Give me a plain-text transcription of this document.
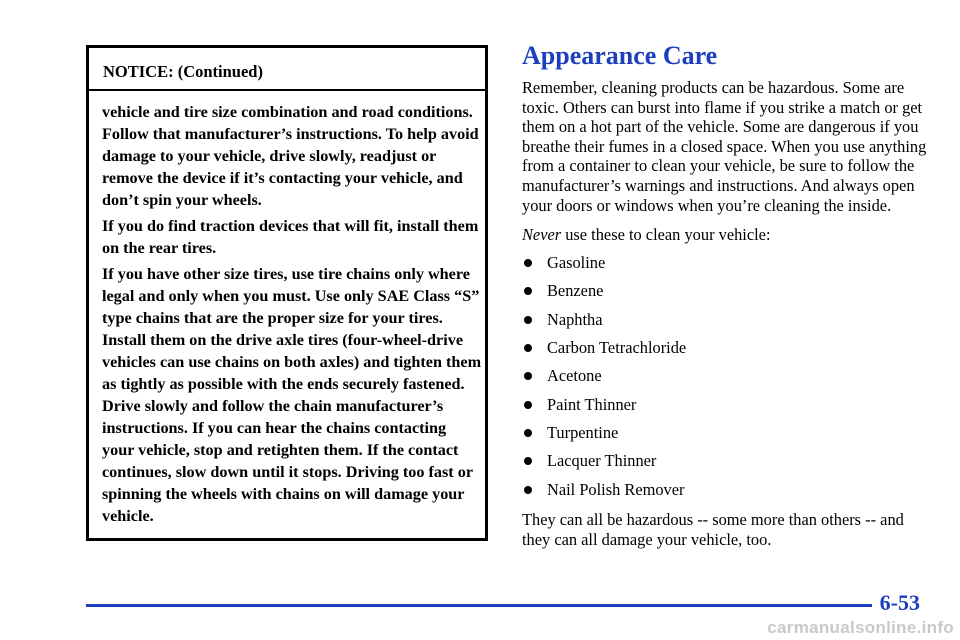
NOTICE: (Continued)

vehicle and tire size combination and road conditions. Follow that manufacturer’s instructions. To help avoid damage to your vehicle, drive slowly, readjust or remove the device if it’s contacting your vehicle, and don’t spin your wheels.

If you do find traction devices that will fit, install them on the rear tires.

If you have other size tires, use tire chains only where legal and only when you must. Use only SAE Class “S” type chains that are the proper size for your tires. Install them on the drive axle tires (four-wheel-drive vehicles can use chains on both axles) and tighten them as tightly as possible with the ends securely fastened. Drive slowly and follow the chain manufacturer’s instructions. If you can hear the chains contacting your vehicle, stop and retighten them. If the contact continues, slow down until it stops. Driving too fast or spinning the wheels with chains on will damage your vehicle.

Appearance Care

Remember, cleaning products can be hazardous. Some are toxic. Others can burst into flame if you strike a match or get them on a hot part of the vehicle. Some are dangerous if you breathe their fumes in a closed space. When you use anything from a container to clean your vehicle, be sure to follow the manufacturer’s warnings and instructions. And always open your doors or windows when you’re cleaning the inside.

Never use these to clean your vehicle:

Gasoline
Benzene
Naphtha
Carbon Tetrachloride
Acetone
Paint Thinner
Turpentine
Lacquer Thinner
Nail Polish Remover

They can all be hazardous -- some more than others -- and they can all damage your vehicle, too.

6-53
carmanualsonline.info
